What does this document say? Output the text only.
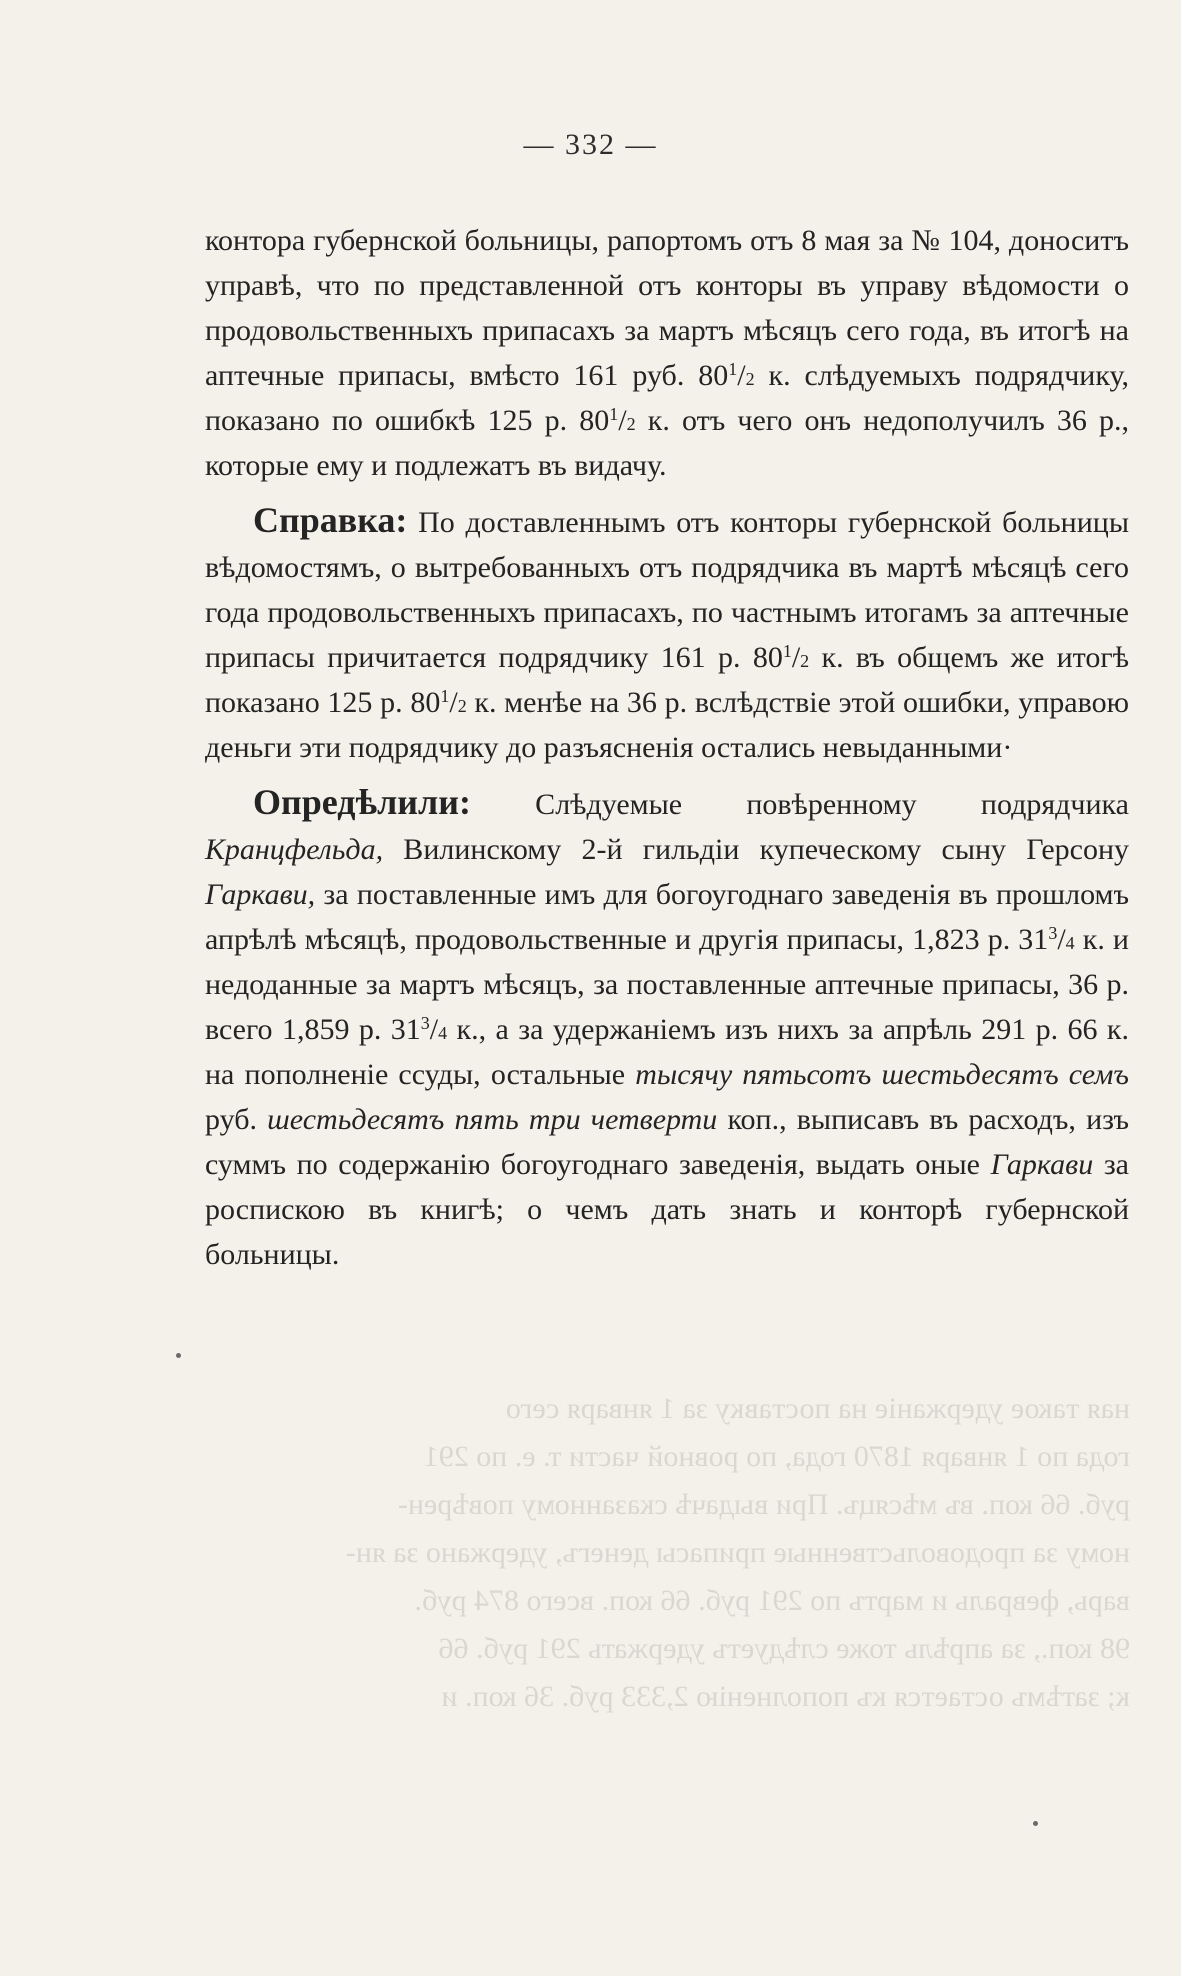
ная такое удержаніе на поставку за 1 января сего
года по 1 января 1870 года, по ровной части т. е. по 291
руб. 66 коп. въ мѣсяцъ. При выдачѣ сказанному повѣрен-
ному за продовольственные припасы денегъ, удержано за ян-
варь, февраль и мартъ по 291 руб. 66 коп. всего 874 руб.
98 коп., за апрѣль тоже слѣдуетъ удержать 291 руб. 66
к; затѣмъ остается къ пополненію 2,333 руб. 36 коп. и
— 332 —

контора губернской больницы, рапортомъ отъ 8 мая за № 104, доноситъ управѣ, что по представленной отъ конторы въ управу вѣдомости о продовольственныхъ припасахъ за мартъ мѣсяцъ сего года, въ итогѣ на аптечные припасы, вмѣсто 161 руб. $80^1/2$ к. слѣдуемыхъ подрядчику, показано по ошибкѣ 125 р. $80^1/2$ к. отъ чего онъ недополучилъ 36 р., которые ему и подлежатъ въ видачу.

Справка: По доставленнымъ отъ конторы губернской больницы вѣдомостямъ, о вытребованныхъ отъ подрядчика въ мартѣ мѣсяцѣ сего года продовольственныхъ припасахъ, по частнымъ итогамъ за аптечные припасы причитается подрядчику 161 р. $80^1/2$ к. въ общемъ же итогѣ показано 125 р. $80^1/2$ к. менѣе на 36 р. вслѣдствіе этой ошибки, управою деньги эти подрядчику до разъясненія остались невыданными·

Опредѣлили: Слѣдуемые повѣренному подрядчика Кранцфельда, Вилинскому 2-й гильдіи купеческому сыну Герсону Гаркави, за поставленные имъ для богоугоднаго заведенія въ прошломъ апрѣлѣ мѣсяцѣ, продовольственные и другія припасы, 1,823 р. $31^3/4$ к. и недоданные за мартъ мѣсяцъ, за поставленные аптечные припасы, 36 р. всего 1,859 р. $31^3/4$ к., а за удержаніемъ изъ нихъ за апрѣль 291 р. 66 к. на пополненіе ссуды, остальные тысячу пятьсотъ шестьдесятъ семъ руб. шестьдесятъ пять три четверти коп., выписавъ въ расходъ, изъ суммъ по содержанію богоугоднаго заведенія, выдать оные Гаркави за роспискою въ книгѣ; о чемъ дать знать и конторѣ губернской больницы.
